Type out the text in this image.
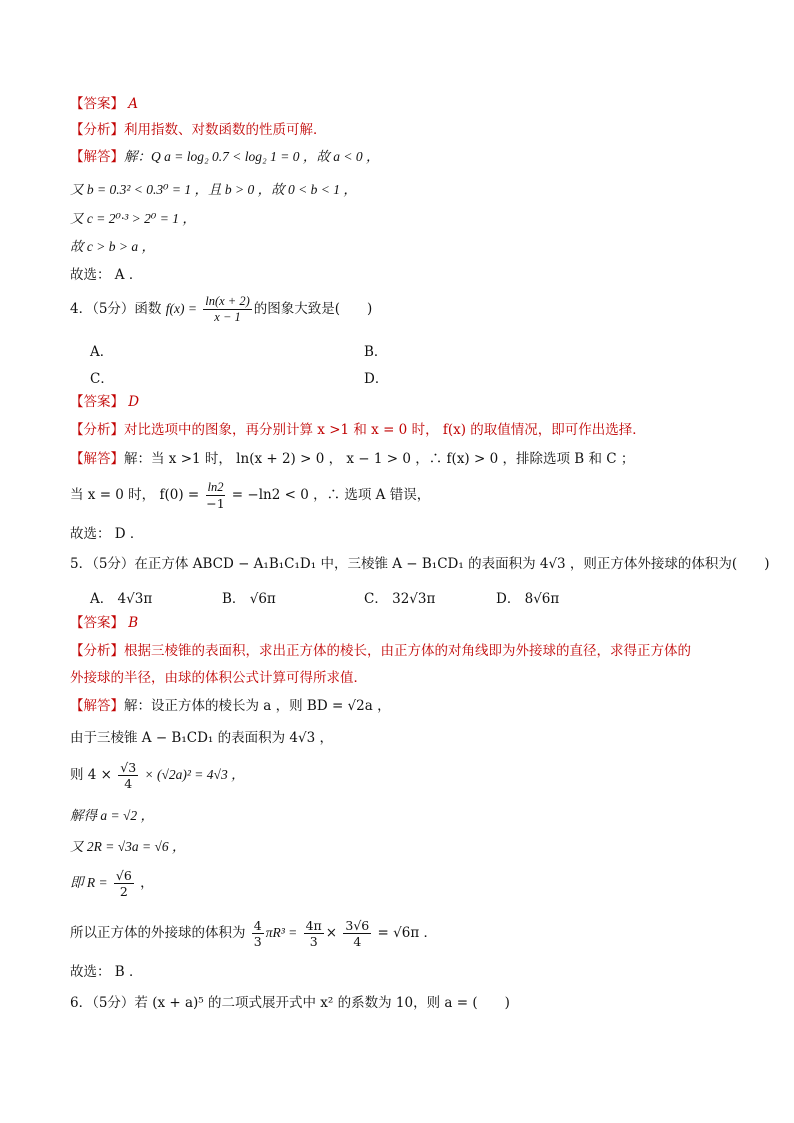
【答案】 A
【分析】利用指数、对数函数的性质可解．
【解答】解：Q a = log₂ 0.7 < log₂ 1 = 0 ，故 a < 0 ，
又 b = 0.3² < 0.3⁰ = 1 ，且 b > 0 ，故 0 < b < 1 ，
又 c = 2⁰·³ > 2⁰ = 1 ，
故 c > b > a ，
故选： A ．
4．（5分）函数 $f(x) = \frac{\ln(x + 2)}{x - 1}$ 的图象大致是(　　)
A．	B．
C．	D．
【答案】 D
【分析】对比选项中的图象，再分别计算 x >1 和 x = 0 时， f(x) 的取值情况，即可作出选择．
【解答】解：当 x >1 时， ln(x + 2) > 0 ， x − 1 > 0 ，∴ f(x) > 0 ，排除选项 B 和 C ；
当 x = 0 时， $f(0) = \frac{\ln 2}{-1} = -\ln 2 < 0$ ，∴ 选项 A 错误，
故选： D ．
5．（5分）在正方体 ABCD − A₁B₁C₁D₁ 中，三棱锥 A − B₁CD₁ 的表面积为 4√3 ，则正方体外接球的体积为(　　)
A． 4√3π	B． √6π	C． 32√3π	D． 8√6π
【答案】 B
【分析】根据三棱锥的表面积，求出正方体的棱长，由正方体的对角线即为外接球的直径，求得正方体的
外接球的半径，由球的体积公式计算可得所求值．
【解答】解：设正方体的棱长为 a ，则 BD = √2a ，
由于三棱锥 A − B₁CD₁ 的表面积为 4√3 ，
则 $4 \times \frac{√3}{4} \times (√2a)^2 = 4√3$ ，
解得 a = √2 ，
又 2R = √3a = √6 ，
即 $R = \frac{√6}{2}$ ，
所以正方体的外接球的体积为 $\frac{4}{3} \pi R^3 = \frac{4\pi}{3} \times \frac{3√6}{4} = √6\pi$ ．
故选： B ．
6．（5分）若 (x + a)⁵ 的二项式展开式中 x² 的系数为 10，则 a = (　　)
